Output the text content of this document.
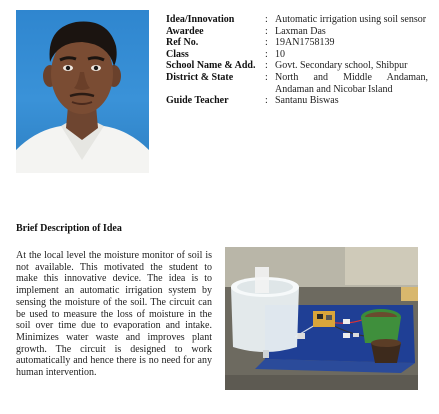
Idea/Innovation	: Automatic irrigation using soil sensor
Awardee	: Laxman Das
Ref No.	: 19AN1758139
Class	: 10
School Name & Add. : Govt. Secondary school, Shibpur
District & State	: North and Middle Andaman, Andaman and Nicobar Island
Guide Teacher	: Santanu Biswas
Brief Description of Idea

At the local level the moisture monitor of soil is not available. This motivated the student to make this innovative device. The idea is to implement an automatic irrigation system by sensing the moisture of the soil. The circuit can be used to measure the loss of moisture in the soil over time due to evaporation and intake. Minimizes water waste and improves plant growth. The circuit is designed to work automatically and hence there is no need for any human intervention.
